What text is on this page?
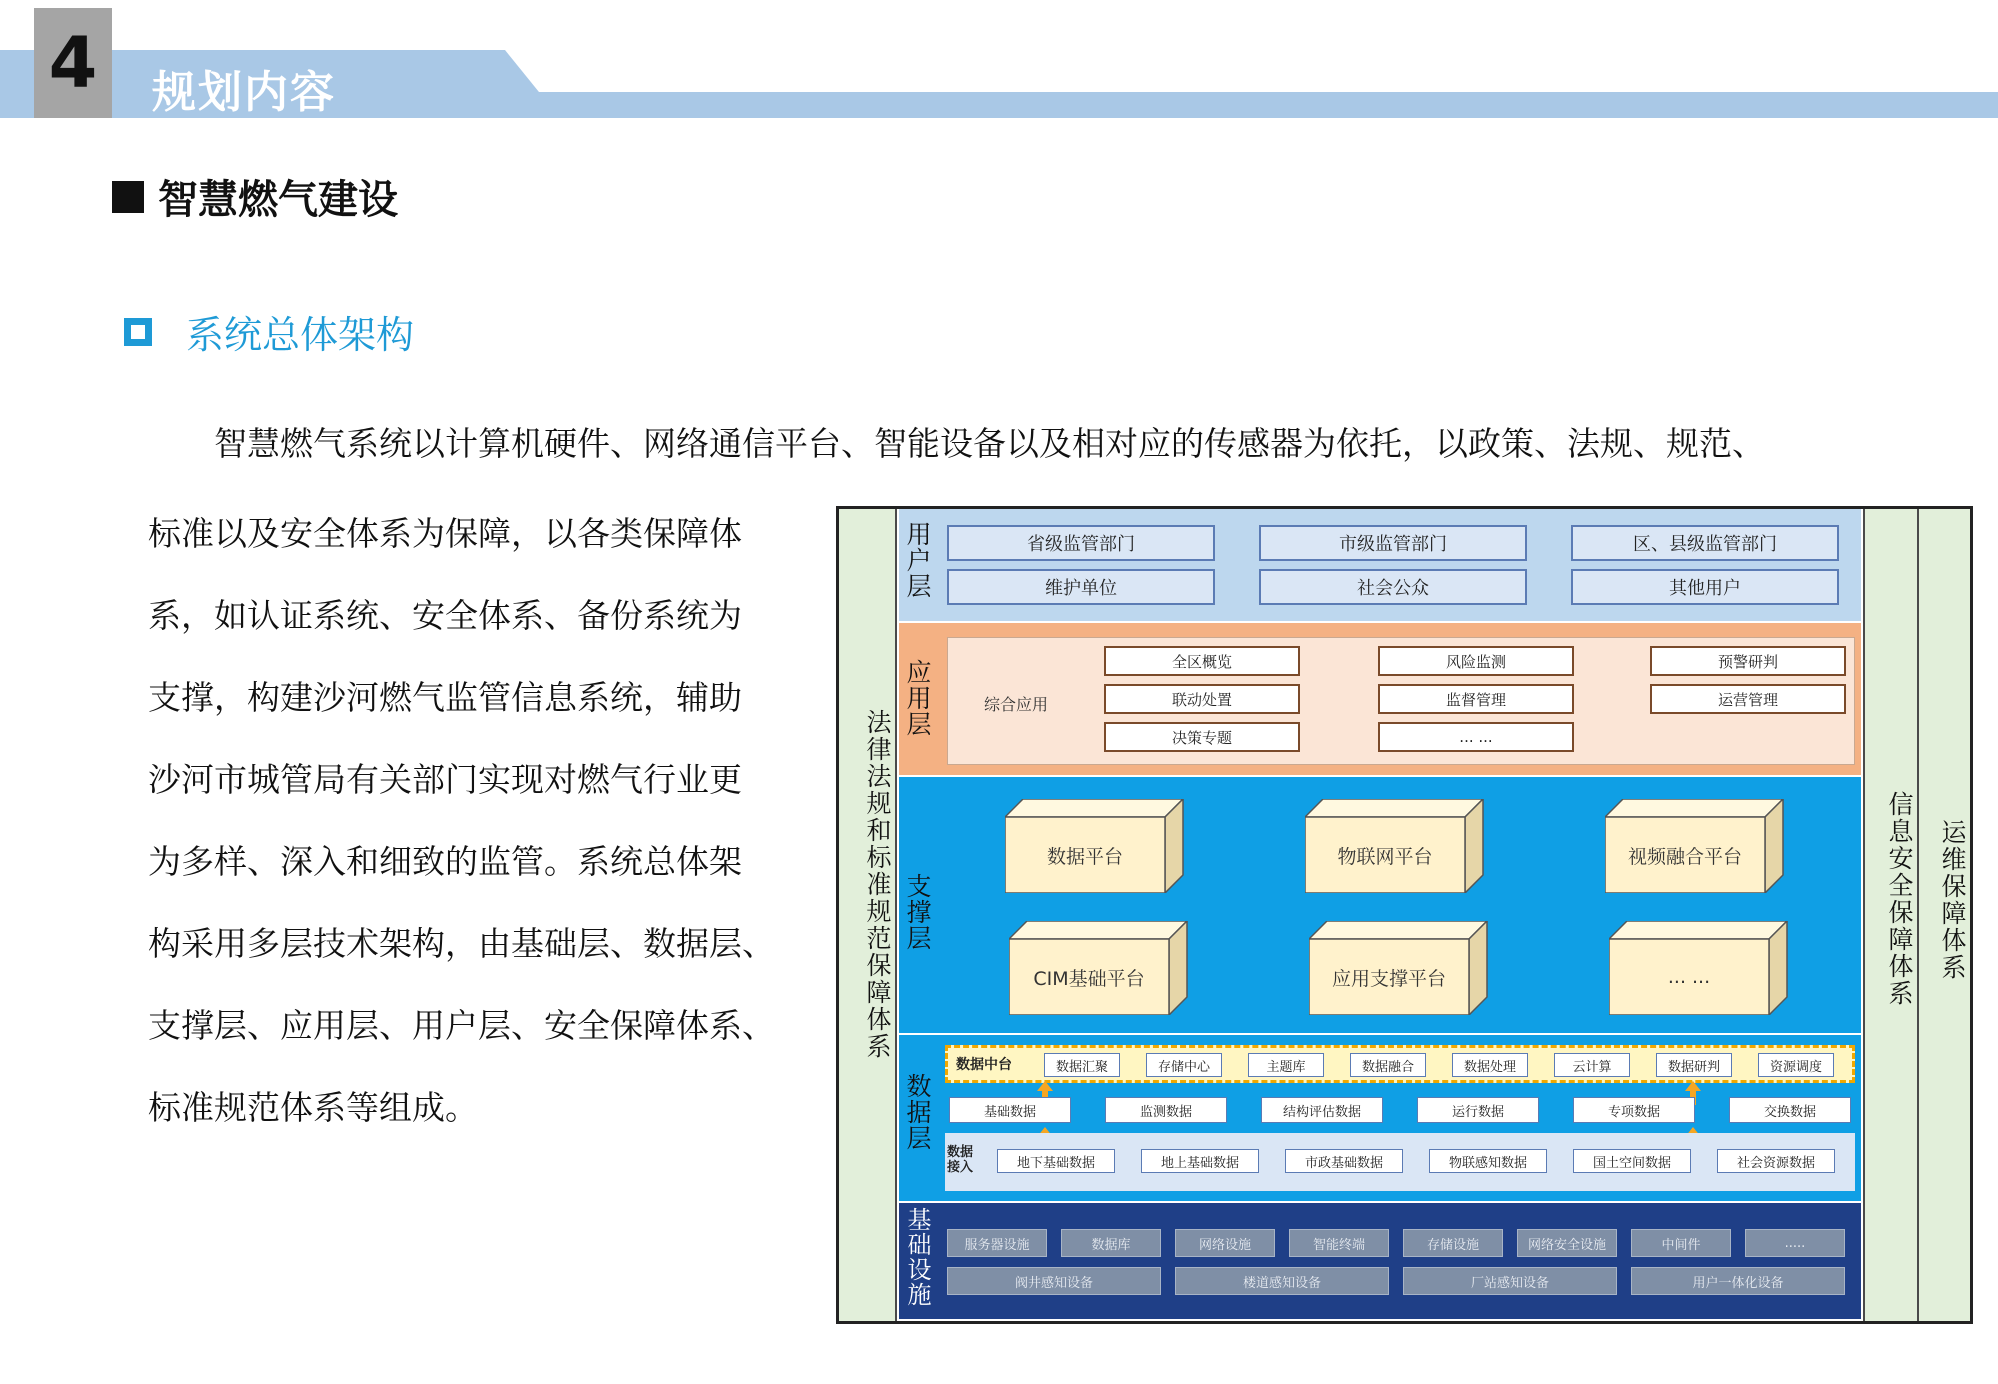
4	规划内容
智慧燃气建设
系统总体架构
智慧燃气系统以计算机硬件、网络通信平台、智能设备以及相对应的传感器为依托，以政策、法规、规范、
标准以及安全体系为保障，以各类保障体
系，如认证系统、安全体系、备份系统为
支撑，构建沙河燃气监管信息系统，辅助
沙河市城管局有关部门实现对燃气行业更
为多样、深入和细致的监管。系统总体架
构采用多层技术架构，由基础层、数据层、
支撑层、应用层、用户层、安全保障体系、
标准规范体系等组成。
法律法规和标准规范保障体系	信息安全保障体系 运维保障体系
用户层	省级监管部门	市级监管部门	区、县级监管部门
维护单位	社会公众	其他用户
应用层	综合应用
全区概览	风险监测	预警研判
联动处置	监督管理	运营管理
决策专题	... ...
支撑层
数据平台	物联网平台	视频融合平台
CIM基础平台	应用支撑平台	... ...
数据层
数据中台	数据汇聚	存储中心	主题库	数据融合	数据处理	云计算	数据研判	资源调度
基础数据	监测数据	结构评估数据	运行数据	专项数据	交换数据
数据接入	地下基础数据	地上基础数据	市政基础数据	物联感知数据	国土空间数据	社会资源数据
基础设施	服务器设施	数据库	网络设施	智能终端	存储设施	网络安全设施	中间件	.....
阀井感知设备	楼道感知设备	厂站感知设备	用户一体化设备
